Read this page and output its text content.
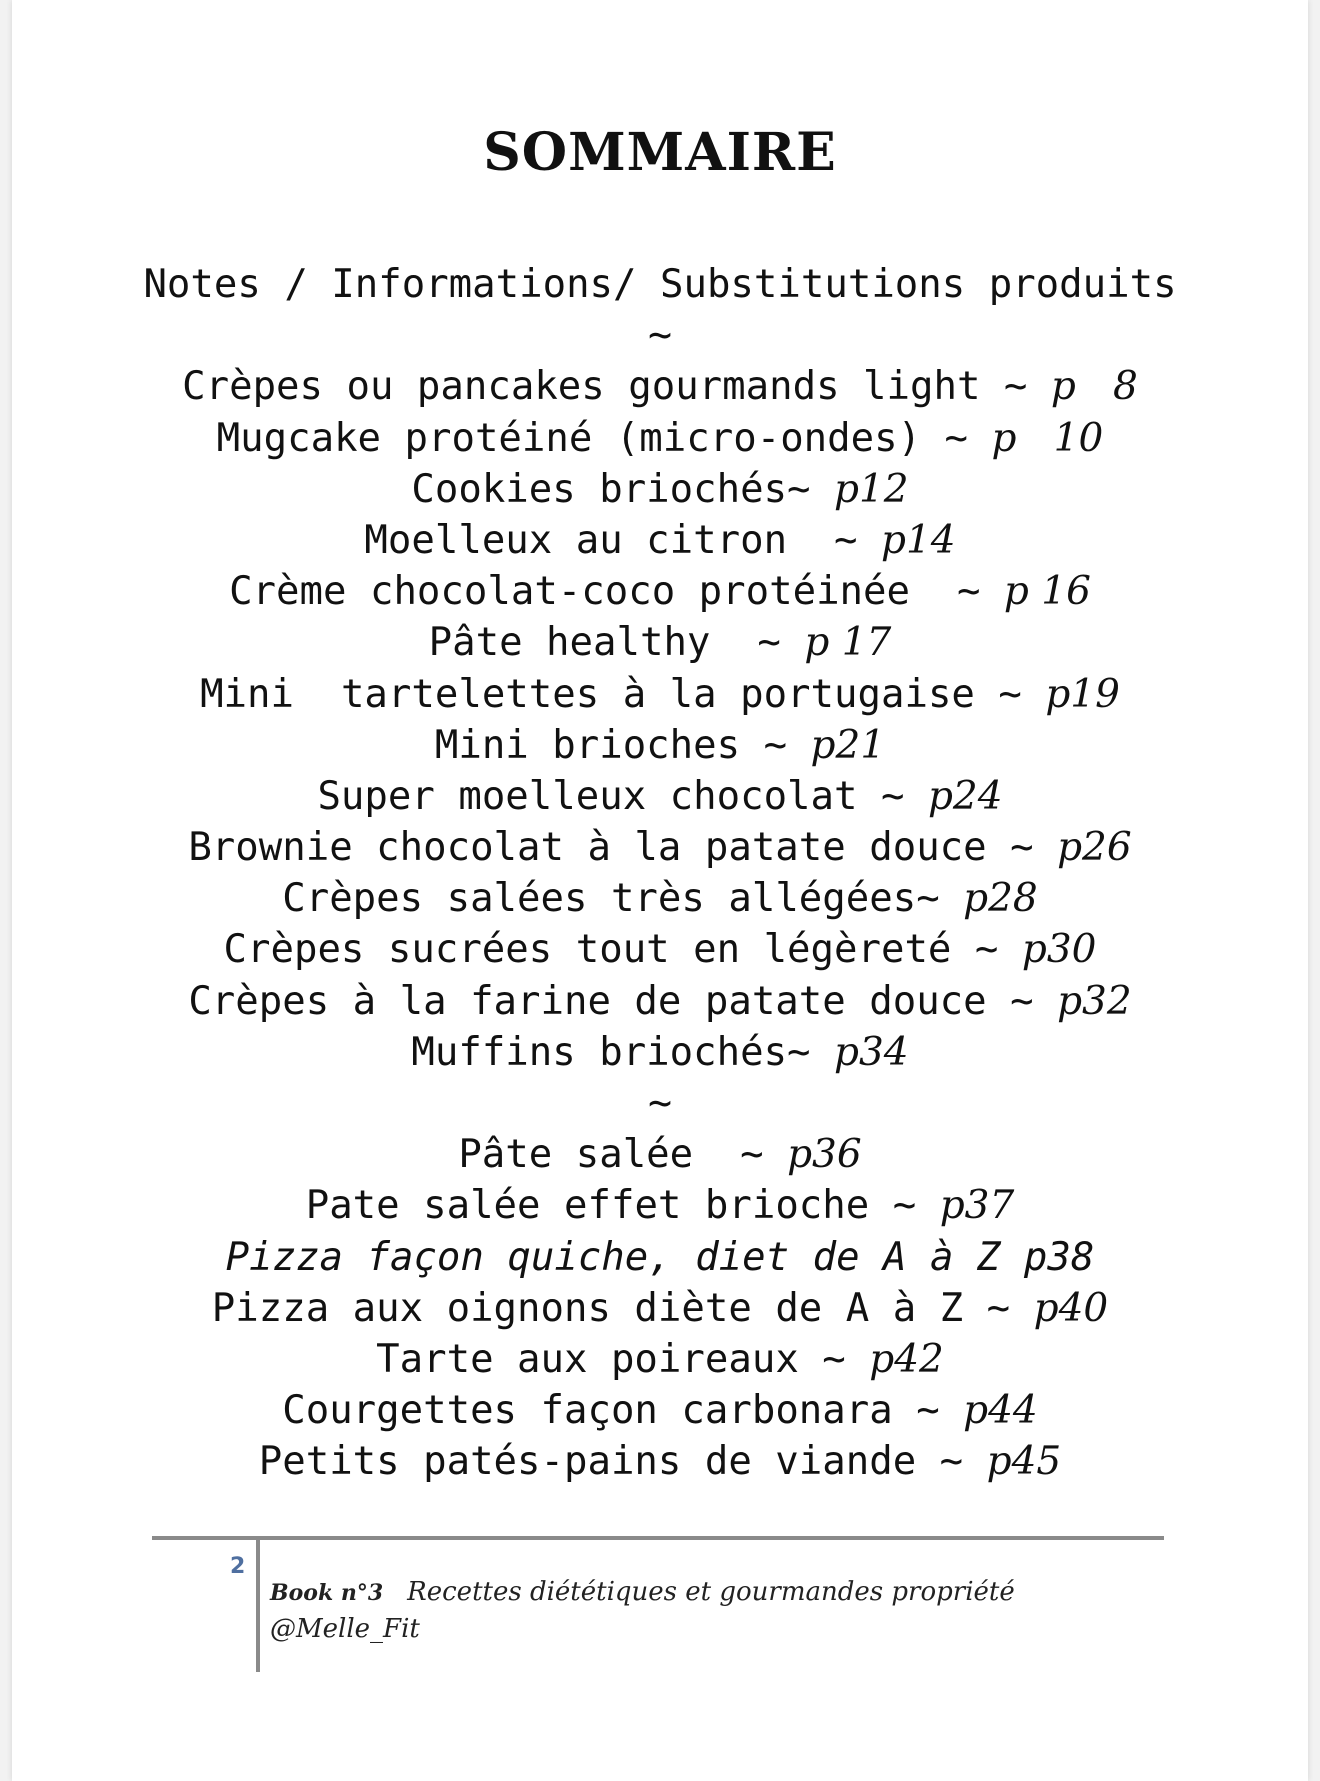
SOMMAIRE
Notes / Informations/ Substitutions produits
~
Crèpes ou pancakes gourmands light ~ p   8
Mugcake protéiné (micro-ondes) ~ p   10
Cookies briochés~ p12
Moelleux au citron  ~ p14
Crème chocolat-coco protéinée  ~ p 16
Pâte healthy  ~ p 17
Mini  tartelettes à la portugaise ~ p19
Mini brioches ~ p21
Super moelleux chocolat ~ p24
Brownie chocolat à la patate douce ~ p26
Crèpes salées très allégées~ p28
Crèpes sucrées tout en légèreté ~ p30
Crèpes à la farine de patate douce ~ p32
Muffins briochés~ p34
~
Pâte salée  ~ p36
Pate salée effet brioche ~ p37
Pizza façon quiche, diet de A à Z p38
Pizza aux oignons diète de A à Z ~ p40
Tarte aux poireaux ~ p42
Courgettes façon carbonara ~ p44
Petits patés-pains de viande ~ p45
2
Book n°3 Recettes diététiques et gourmandes propriété
@Melle_Fit
